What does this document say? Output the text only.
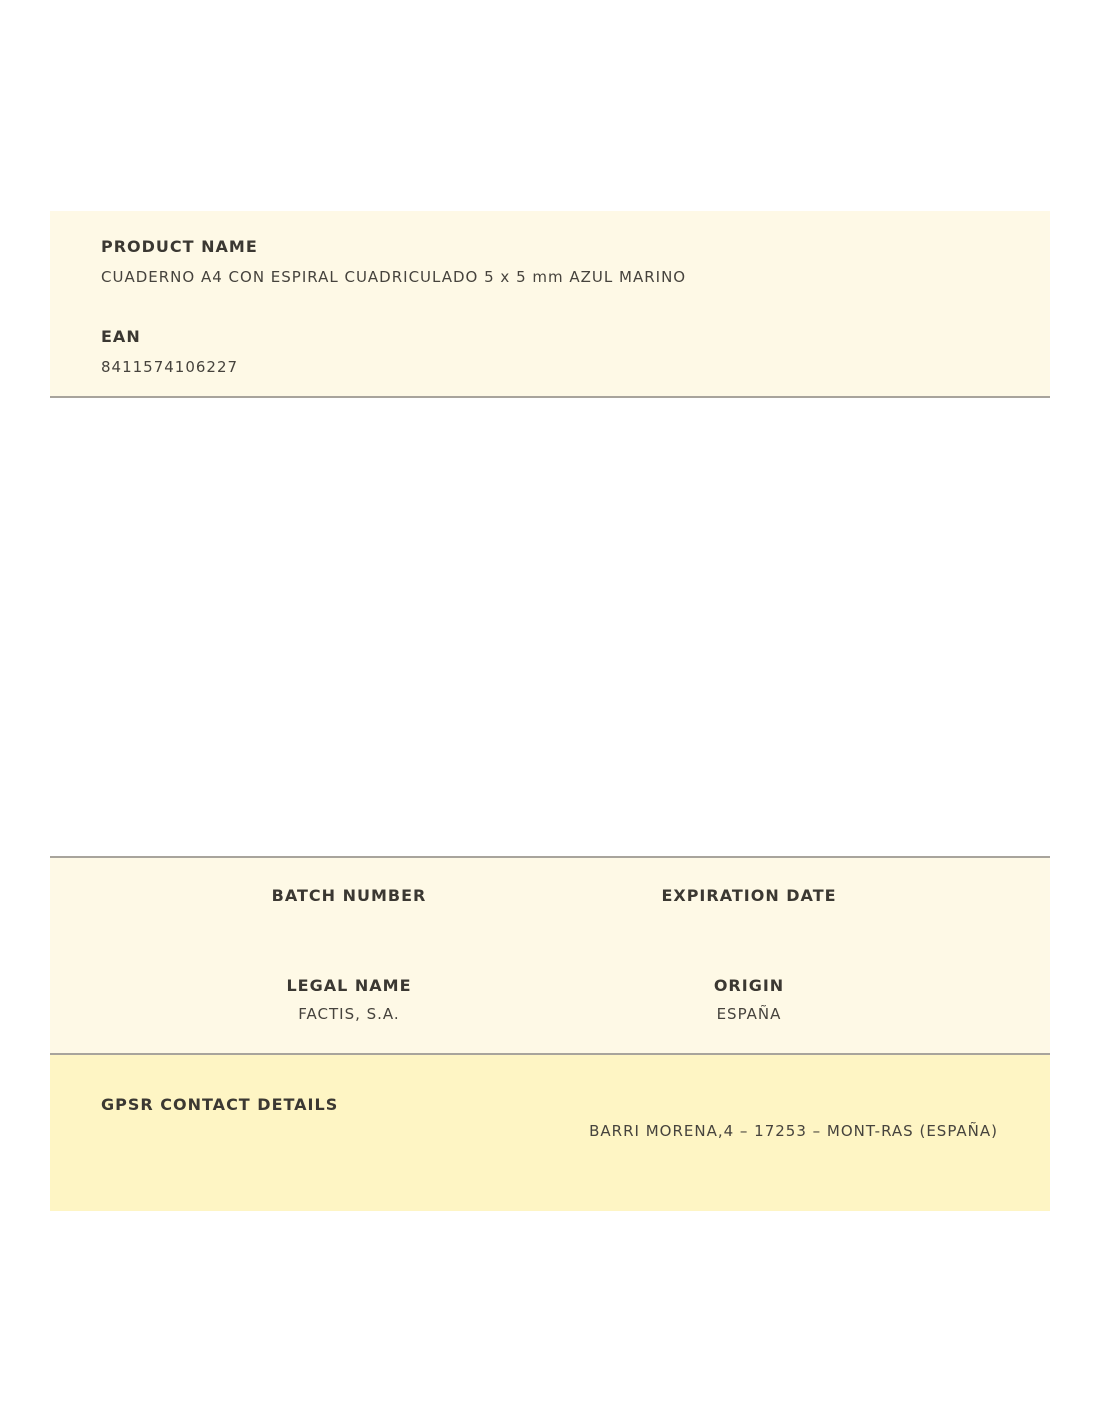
PRODUCT NAME
CUADERNO A4 CON ESPIRAL CUADRICULADO 5 x 5 mm AZUL MARINO
EAN
8411574106227
BATCH NUMBER	EXPIRATION DATE
LEGAL NAME
FACTIS, S.A.
ORIGIN
ESPAÑA
GPSR CONTACT DETAILS
BARRI MORENA,4 – 17253 – MONT-RAS (ESPAÑA)
